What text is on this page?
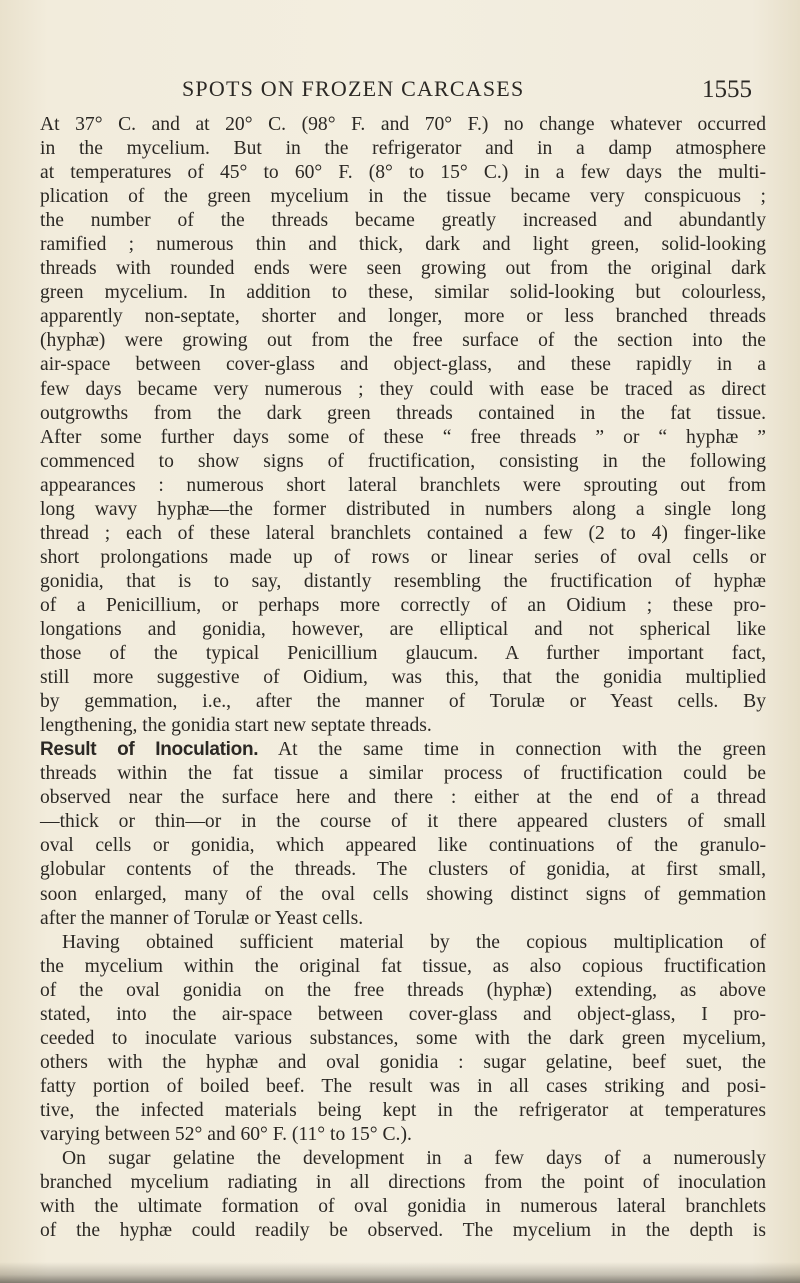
SPOTS ON FROZEN CARCASES	1555
At 37° C. and at 20° C. (98° F. and 70° F.) no change whatever occurred
in the mycelium. But in the refrigerator and in a damp atmosphere
at temperatures of 45° to 60° F. (8° to 15° C.) in a few days the multi-
plication of the green mycelium in the tissue became very conspicuous ;
the number of the threads became greatly increased and abundantly
ramified ; numerous thin and thick, dark and light green, solid-looking
threads with rounded ends were seen growing out from the original dark
green mycelium. In addition to these, similar solid-looking but colourless,
apparently non-septate, shorter and longer, more or less branched threads
(hyphæ) were growing out from the free surface of the section into the
air-space between cover-glass and object-glass, and these rapidly in a
few days became very numerous ; they could with ease be traced as direct
outgrowths from the dark green threads contained in the fat tissue.
After some further days some of these “ free threads ” or “ hyphæ ”
commenced to show signs of fructification, consisting in the following
appearances : numerous short lateral branchlets were sprouting out from
long wavy hyphæ—the former distributed in numbers along a single long
thread ; each of these lateral branchlets contained a few (2 to 4) finger-like
short prolongations made up of rows or linear series of oval cells or
gonidia, that is to say, distantly resembling the fructification of hyphæ
of a Penicillium, or perhaps more correctly of an Oidium ; these pro-
longations and gonidia, however, are elliptical and not spherical like
those of the typical Penicillium glaucum. A further important fact,
still more suggestive of Oidium, was this, that the gonidia multiplied
by gemmation, i.e., after the manner of Torulæ or Yeast cells. By
lengthening, the gonidia start new septate threads.
Result of Inoculation. At the same time in connection with the green
threads within the fat tissue a similar process of fructification could be
observed near the surface here and there : either at the end of a thread
—thick or thin—or in the course of it there appeared clusters of small
oval cells or gonidia, which appeared like continuations of the granulo-
globular contents of the threads. The clusters of gonidia, at first small,
soon enlarged, many of the oval cells showing distinct signs of gemmation
after the manner of Torulæ or Yeast cells.
Having obtained sufficient material by the copious multiplication of
the mycelium within the original fat tissue, as also copious fructification
of the oval gonidia on the free threads (hyphæ) extending, as above
stated, into the air-space between cover-glass and object-glass, I pro-
ceeded to inoculate various substances, some with the dark green mycelium,
others with the hyphæ and oval gonidia : sugar gelatine, beef suet, the
fatty portion of boiled beef. The result was in all cases striking and posi-
tive, the infected materials being kept in the refrigerator at temperatures
varying between 52° and 60° F. (11° to 15° C.).
On sugar gelatine the development in a few days of a numerously
branched mycelium radiating in all directions from the point of inoculation
with the ultimate formation of oval gonidia in numerous lateral branchlets
of the hyphæ could readily be observed. The mycelium in the depth is
